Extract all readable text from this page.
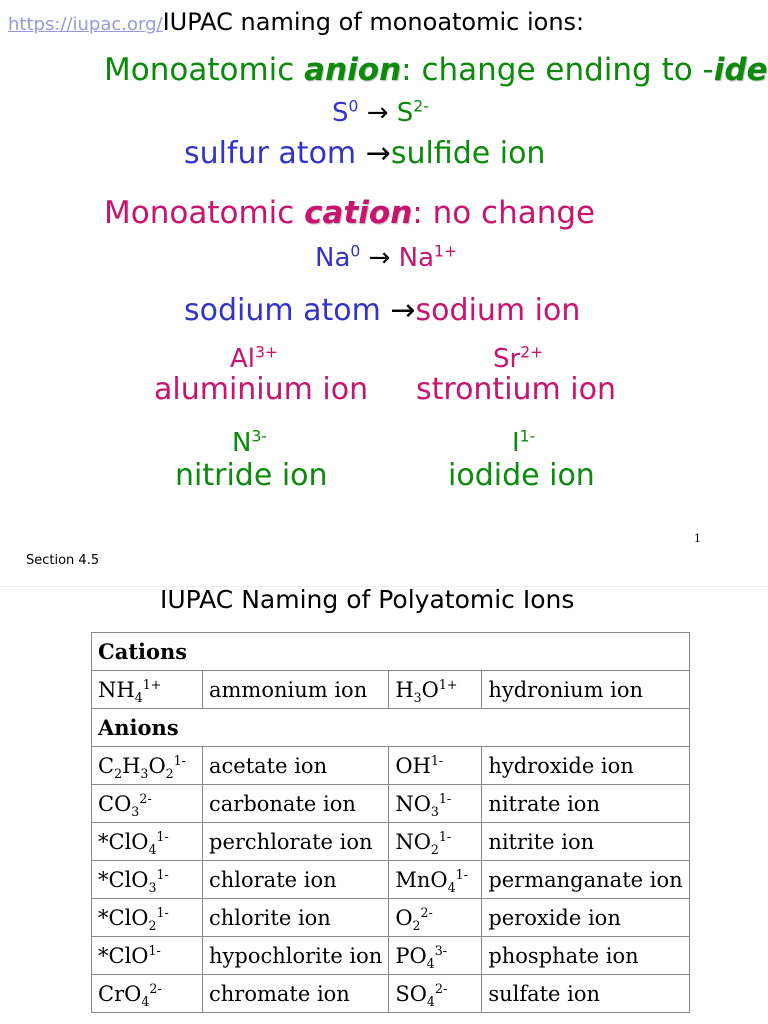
https://iupac.org/IUPAC naming of monoatomic ions:
Monoatomic anion: change ending to -ide
$S^0 \to S^{2-}$
sulfur atom →sulfide ion
Monoatomic cation: no change
$Na^0 \to Na^{1+}$
sodium atom →sodium ion
$Al^{3+}$
aluminium ion
$Sr^{2+}$
strontium ion
$N^{3-}$
nitride ion
$I^{1-}$
iodide ion
1
Section 4.5
IUPAC Naming of Polyatomic Ions
Cations			
$NH_4^{1+}$	ammonium ion	$H_3O^{1+}$	hydronium ion
Anions			
$C_2H_3O_2^{1-}$	acetate ion	$OH^{1-}$	hydroxide ion
$CO_3^{2-}$	carbonate ion	$NO_3^{1-}$	nitrate ion
*ClO$_4^{1-}$	perchlorate ion	$NO_2^{1-}$	nitrite ion
*ClO$_3^{1-}$	chlorate ion	MnO$_4^{1-}$	permanganate ion
*ClO$_2^{1-}$	chlorite ion	$O_2^{2-}$	peroxide ion
*ClO$^{1-}$	hypochlorite ion	$PO_4^{3-}$	phosphate ion
CrO$_4^{2-}$	chromate ion	$SO_4^{2-}$	sulfate ion
